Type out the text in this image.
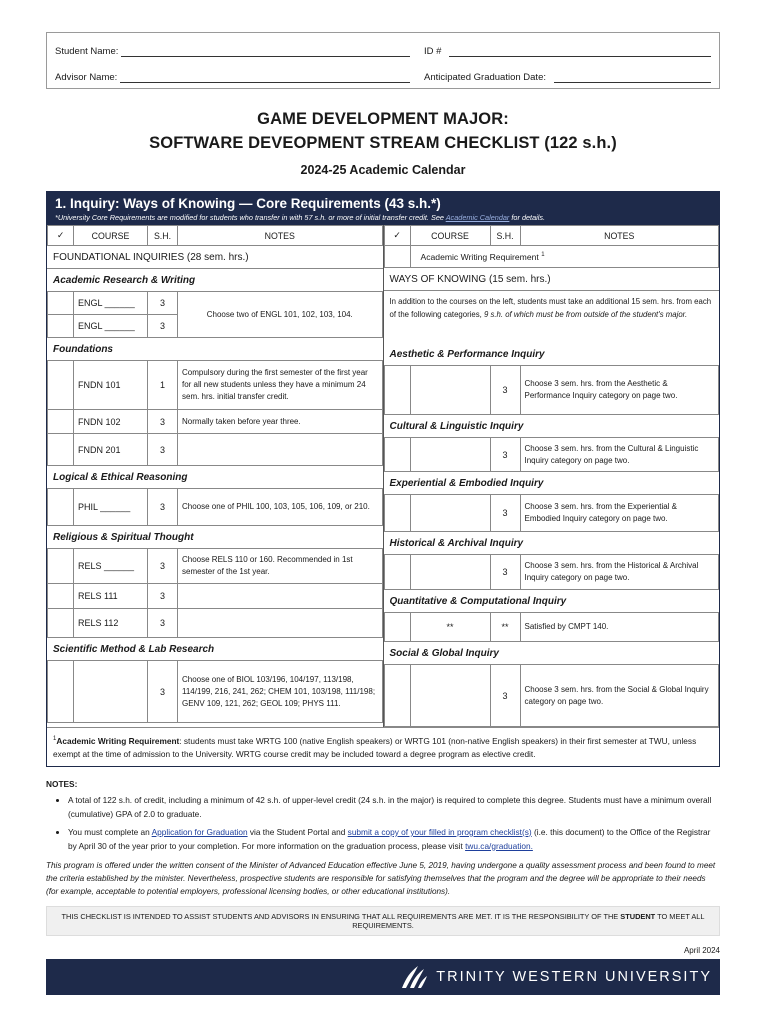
Student Name:	ID #
Advisor Name:	Anticipated Graduation Date:
GAME DEVELOPMENT MAJOR:
SOFTWARE DEVEOPMENT STREAM CHECKLIST (122 s.h.)
2024-25 Academic Calendar
1. Inquiry: Ways of Knowing — Core Requirements (43 s.h.*)
*University Core Requirements are modified for students who transfer in with 57 s.h. or more of initial transfer credit. See Academic Calendar for details.
✓	COURSE	S.H.	NOTES
FOUNDATIONAL INQUIRIES (28 sem. hrs.)
Academic Research & Writing
	ENGL ______	3	Choose two of ENGL 101, 102, 103, 104.
	ENGL ______	3	
Foundations
	FNDN 101	1	Compulsory during the first semester of the first year for all new students unless they have a minimum 24 sem. hrs. initial transfer credit.
	FNDN 102	3	Normally taken before year three.
	FNDN 201	3	
Logical & Ethical Reasoning
	PHIL ______	3	Choose one of PHIL 100, 103, 105, 106, 109, or 210.
Religious & Spiritual Thought
	RELS ______	3	Choose RELS 110 or 160. Recommended in 1st semester of the 1st year.
	RELS 111	3	
	RELS 112	3	
Scientific Method & Lab Research
		3	Choose one of BIOL 103/196, 104/197, 113/198, 114/199, 216, 241, 262; CHEM 101, 103/198, 111/198; GENV 109, 121, 262; GEOL 109; PHYS 111.
✓	COURSE	S.H.	NOTES
	Academic Writing Requirement $^1$
WAYS OF KNOWING (15 sem. hrs.)
In addition to the courses on the left, students must take an additional 15 sem. hrs. from each of the following categories, 9 s.h. of which must be from outside of the student's major.
Aesthetic & Performance Inquiry
		3	Choose 3 sem. hrs. from the Aesthetic & Performance Inquiry category on page two.
Cultural & Linguistic Inquiry
		3	Choose 3 sem. hrs. from the Cultural & Linguistic Inquiry category on page two.
Experiential & Embodied Inquiry
		3	Choose 3 sem. hrs. from the Experiential & Embodied Inquiry category on page two.
Historical & Archival Inquiry
		3	Choose 3 sem. hrs. from the Historical & Archival Inquiry category on page two.
Quantitative & Computational Inquiry
	**	**	Satisfied by CMPT 140.
Social & Global Inquiry
		3	Choose 3 sem. hrs. from the Social & Global Inquiry category on page two.
$^1$Academic Writing Requirement: students must take WRTG 100 (native English speakers) or WRTG 101 (non-native English speakers) in their first semester at TWU, unless exempt at the time of admission to the University. WRTG course credit may be included toward a degree program as elective credit.
NOTES:
• A total of 122 s.h. of credit, including a minimum of 42 s.h. of upper-level credit (24 s.h. in the major) is required to complete this degree. Students must have a minimum overall (cumulative) GPA of 2.0 to graduate.
• You must complete an Application for Graduation via the Student Portal and submit a copy of your filled in program checklist(s) (i.e. this document) to the Office of the Registrar by April 30 of the year prior to your completion. For more information on the graduation process, please visit twu.ca/graduation.
This program is offered under the written consent of the Minister of Advanced Education effective June 5, 2019, having undergone a quality assessment process and been found to meet the criteria established by the minister. Nevertheless, prospective students are responsible for satisfying themselves that the program and the degree will be appropriate to their needs (for example, acceptable to potential employers, professional licensing bodies, or other educational institutions).
THIS CHECKLIST IS INTENDED TO ASSIST STUDENTS AND ADVISORS IN ENSURING THAT ALL REQUIREMENTS ARE MET. IT IS THE RESPONSIBILITY OF THE STUDENT TO MEET ALL REQUIREMENTS.
April 2024
TRINITY WESTERN UNIVERSITY
